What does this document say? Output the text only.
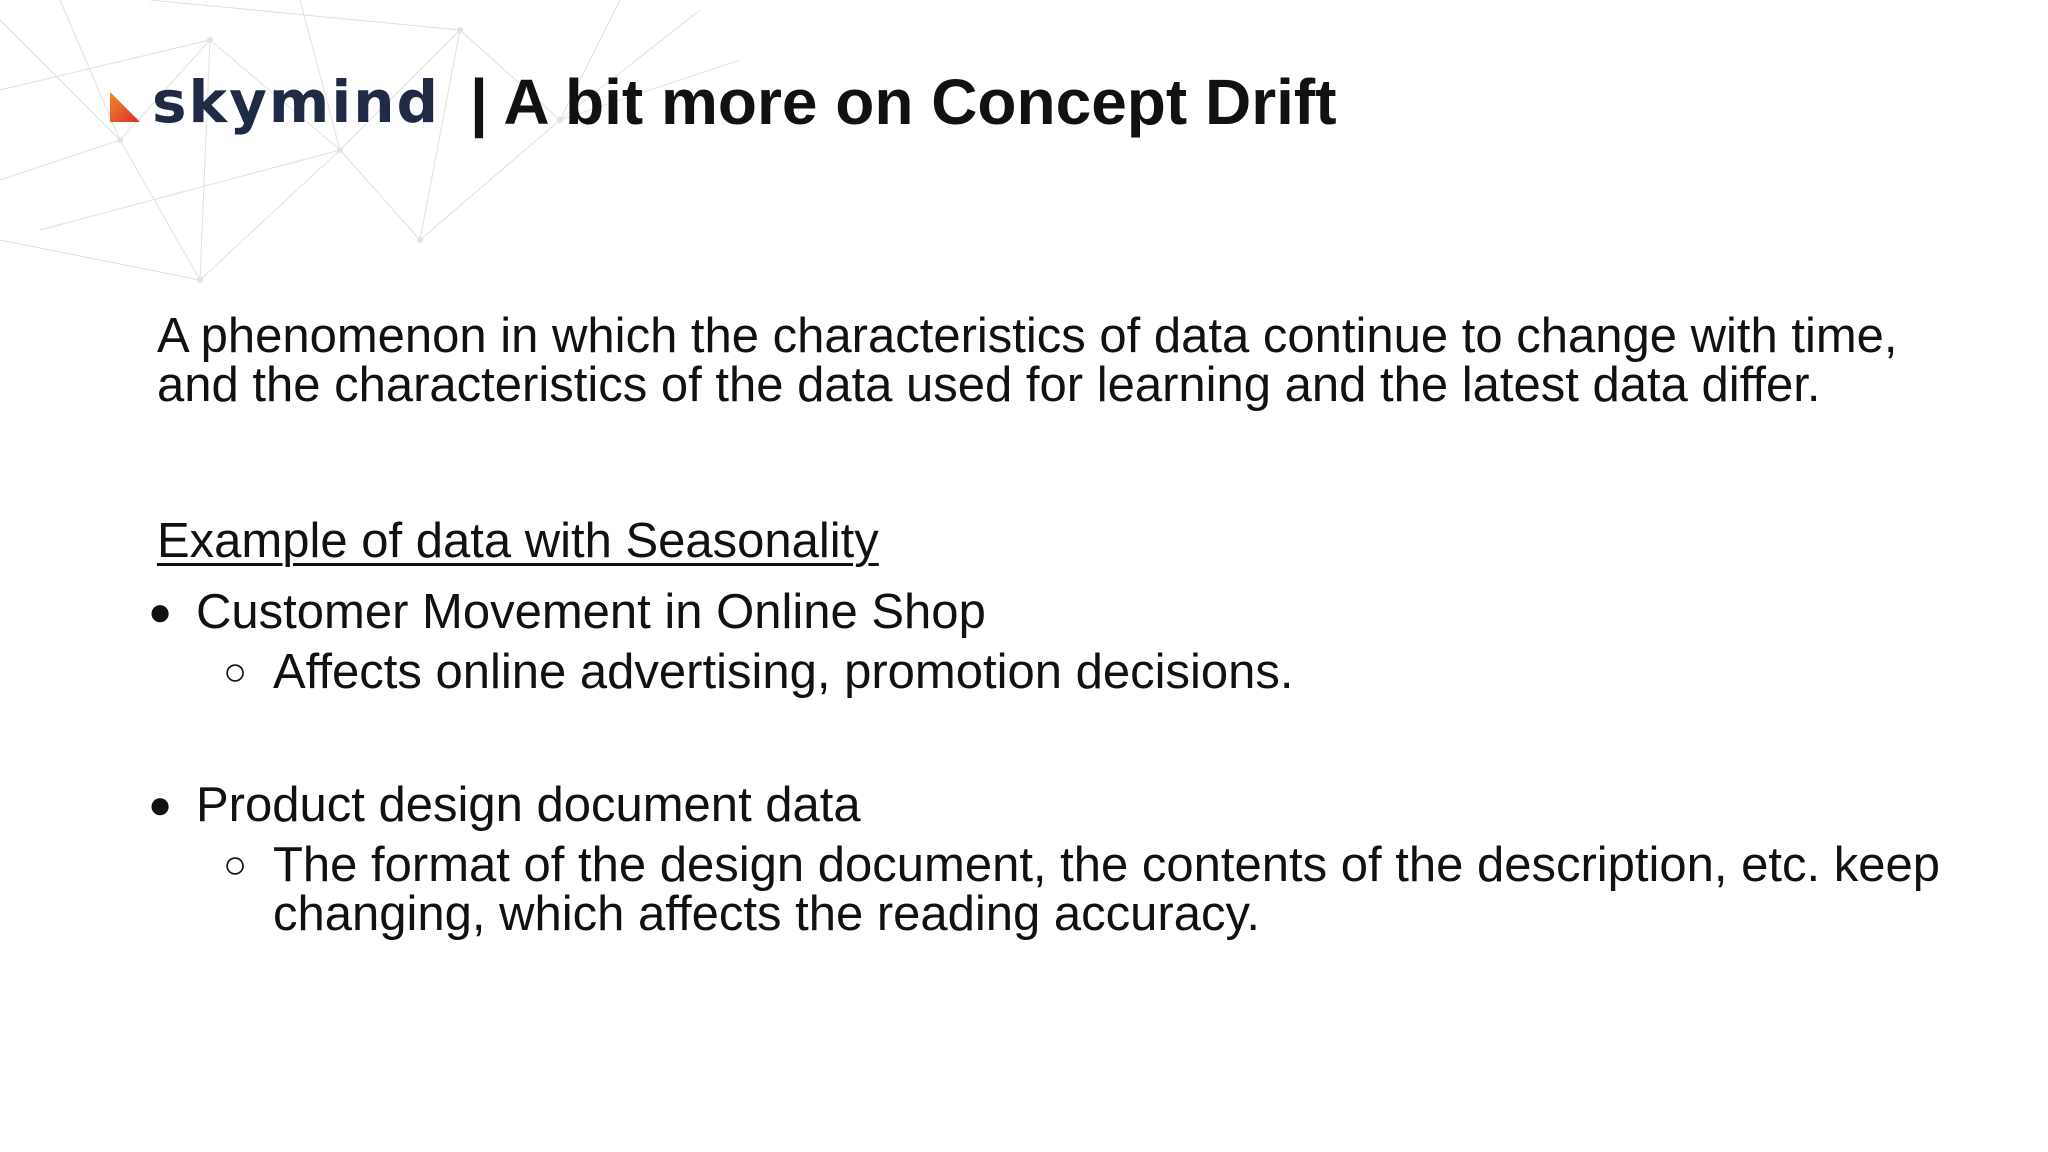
skymind | A bit more on Concept Drift

A phenomenon in which the characteristics of data continue to change with time, and the characteristics of the data used for learning and the latest data differ.

Example of data with Seasonality

● Customer Movement in Online Shop
○ Affects online advertising, promotion decisions.
● Product design document data
○ The format of the design document, the contents of the description, etc. keep changing, which affects the reading accuracy.
